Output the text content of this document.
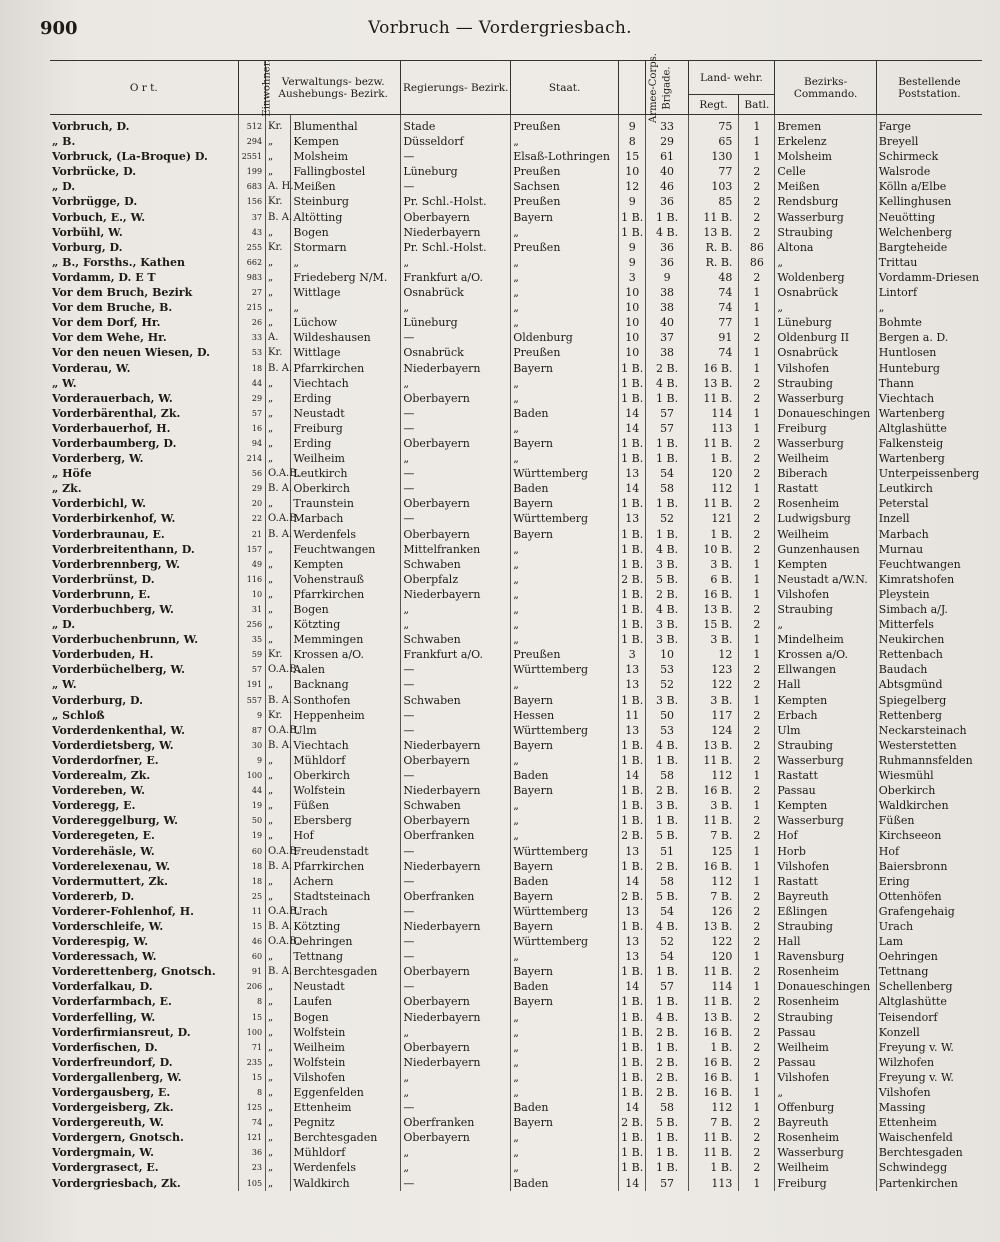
900	Vorbruch — Vordergriesbach.
O r t.	Einwohner.	Verwaltungs- bezw. Aushebungs- Bezirk.		Regierungs- Bezirk.	Staat.	Armee-Corps.	Brigade.	Land- wehr.		Bezirks- Commando.	Bestellende Poststation.
								Regt.	Batl.		
Vorbruch, D.	512	Kr.	Blumenthal	Stade	Preußen	9	33	75	1	Bremen	Farge
„ B.	294	„	Kempen	Düsseldorf	„	8	29	65	1	Erkelenz	Breyell
Vorbruck, (La-Broque) D.	2551	„	Molsheim	—	Elsaß-Lothringen	15	61	130	1	Molsheim	Schirmeck
Vorbrücke, D.	199	„	Fallingbostel	Lüneburg	Preußen	10	40	77	2	Celle	Walsrode
„ D.	683	A. H.	Meißen	—	Sachsen	12	46	103	2	Meißen	Kölln a/Elbe
Vorbrügge, D.	156	Kr.	Steinburg	Pr. Schl.-Holst.	Preußen	9	36	85	2	Rendsburg	Kellinghusen
Vorbuch, E., W.	37	B. A.	Altötting	Oberbayern	Bayern	1 B.	1 B.	11 B.	2	Wasserburg	Neuötting
Vorbühl, W.	43	„	Bogen	Niederbayern	„	1 B.	4 B.	13 B.	2	Straubing	Welchenberg
Vorburg, D.	255	Kr.	Stormarn	Pr. Schl.-Holst.	Preußen	9	36	R. B.	86	Altona	Bargteheide
„ B., Forsths., Kathen	662	„	„	„	„	9	36	R. B.	86	„	Trittau
Vordamm, D. E T	983	„	Friedeberg N/M.	Frankfurt a/O.	„	3	9	48	2	Woldenberg	Vordamm-Driesen
Vor dem Bruch, Bezirk	27	„	Wittlage	Osnabrück	„	10	38	74	1	Osnabrück	Lintorf
Vor dem Bruche, B.	215	„	„	„	„	10	38	74	1	„	„
Vor dem Dorf, Hr.	26	„	Lüchow	Lüneburg	„	10	40	77	1	Lüneburg	Bohmte
Vor dem Wehe, Hr.	33	A.	Wildeshausen	—	Oldenburg	10	37	91	2	Oldenburg II	Bergen a. D.
Vor den neuen Wiesen, D.	53	Kr.	Wittlage	Osnabrück	Preußen	10	38	74	1	Osnabrück	Huntlosen
Vorderau, W.	18	B. A.	Pfarrkirchen	Niederbayern	Bayern	1 B.	2 B.	16 B.	1	Vilshofen	Hunteburg
„ W.	44	„	Viechtach	„	„	1 B.	4 B.	13 B.	2	Straubing	Thann
Vorderauerbach, W.	29	„	Erding	Oberbayern	„	1 B.	1 B.	11 B.	2	Wasserburg	Viechtach
Vorderbärenthal, Zk.	57	„	Neustadt	—	Baden	14	57	114	1	Donaueschingen	Wartenberg
Vorderbauerhof, H.	16	„	Freiburg	—	„	14	57	113	1	Freiburg	Altglashütte
Vorderbaumberg, D.	94	„	Erding	Oberbayern	Bayern	1 B.	1 B.	11 B.	2	Wasserburg	Falkensteig
Vorderberg, W.	214	„	Weilheim	„	„	1 B.	1 B.	1 B.	2	Weilheim	Wartenberg
„ Höfe	56	O.A.B.	Leutkirch	—	Württemberg	13	54	120	2	Biberach	Unterpeissenberg
„ Zk.	29	B. A.	Oberkirch	—	Baden	14	58	112	1	Rastatt	Leutkirch
Vorderbichl, W.	20	„	Traunstein	Oberbayern	Bayern	1 B.	1 B.	11 B.	2	Rosenheim	Peterstal
Vorderbirkenhof, W.	22	O.A.B.	Marbach	—	Württemberg	13	52	121	2	Ludwigsburg	Inzell
Vorderbraunau, E.	21	B. A.	Werdenfels	Oberbayern	Bayern	1 B.	1 B.	1 B.	2	Weilheim	Marbach
Vorderbreitenthann, D.	157	„	Feuchtwangen	Mittelfranken	„	1 B.	4 B.	10 B.	2	Gunzenhausen	Murnau
Vorderbrennberg, W.	49	„	Kempten	Schwaben	„	1 B.	3 B.	3 B.	1	Kempten	Feuchtwangen
Vorderbrünst, D.	116	„	Vohenstrauß	Oberpfalz	„	2 B.	5 B.	6 B.	1	Neustadt a/W.N.	Kimratshofen
Vorderbrunn, E.	10	„	Pfarrkirchen	Niederbayern	„	1 B.	2 B.	16 B.	1	Vilshofen	Pleystein
Vorderbuchberg, W.	31	„	Bogen	„	„	1 B.	4 B.	13 B.	2	Straubing	Simbach a/J.
„ D.	256	„	Kötzting	„	„	1 B.	3 B.	15 B.	2	„	Mitterfels
Vorderbuchenbrunn, W.	35	„	Memmingen	Schwaben	„	1 B.	3 B.	3 B.	1	Mindelheim	Neukirchen
Vorderbuden, H.	59	Kr.	Krossen a/O.	Frankfurt a/O.	Preußen	3	10	12	1	Krossen a/O.	Rettenbach
Vorderbüchelberg, W.	57	O.A.B.	Aalen	—	Württemberg	13	53	123	2	Ellwangen	Baudach
„ W.	191	„	Backnang	—	„	13	52	122	2	Hall	Abtsgmünd
Vorderburg, D.	557	B. A.	Sonthofen	Schwaben	Bayern	1 B.	3 B.	3 B.	1	Kempten	Spiegelberg
„ Schloß	9	Kr.	Heppenheim	—	Hessen	11	50	117	2	Erbach	Rettenberg
Vorderdenkenthal, W.	87	O.A.B.	Ulm	—	Württemberg	13	53	124	2	Ulm	Neckarsteinach
Vorderdietsberg, W.	30	B. A.	Viechtach	Niederbayern	Bayern	1 B.	4 B.	13 B.	2	Straubing	Westerstetten
Vorderdorfner, E.	9	„	Mühldorf	Oberbayern	„	1 B.	1 B.	11 B.	2	Wasserburg	Ruhmannsfelden
Vorderealm, Zk.	100	„	Oberkirch	—	Baden	14	58	112	1	Rastatt	Wiesmühl
Vordereben, W.	44	„	Wolfstein	Niederbayern	Bayern	1 B.	2 B.	16 B.	2	Passau	Oberkirch
Vorderegg, E.	19	„	Füßen	Schwaben	„	1 B.	3 B.	3 B.	1	Kempten	Waldkirchen
Vordereggelburg, W.	50	„	Ebersberg	Oberbayern	„	1 B.	1 B.	11 B.	2	Wasserburg	Füßen
Vorderegeten, E.	19	„	Hof	Oberfranken	„	2 B.	5 B.	7 B.	2	Hof	Kirchseeon
Vorderehäsle, W.	60	O.A.B.	Freudenstadt	—	Württemberg	13	51	125	1	Horb	Hof
Vorderelexenau, W.	18	B. A.	Pfarrkirchen	Niederbayern	Bayern	1 B.	2 B.	16 B.	1	Vilshofen	Baiersbronn
Vordermuttert, Zk.	18	„	Achern	—	Baden	14	58	112	1	Rastatt	Ering
Vordererb, D.	25	„	Stadtsteinach	Oberfranken	Bayern	2 B.	5 B.	7 B.	2	Bayreuth	Ottenhöfen
Vorderer-Fohlenhof, H.	11	O.A.B.	Urach	—	Württemberg	13	54	126	2	Eßlingen	Grafengehaig
Vorderschleife, W.	15	B. A.	Kötzting	Niederbayern	Bayern	1 B.	4 B.	13 B.	2	Straubing	Urach
Vorderespig, W.	46	O.A.B.	Oehringen	—	Württemberg	13	52	122	2	Hall	Lam
Vorderessach, W.	60	„	Tettnang	—	„	13	54	120	1	Ravensburg	Oehringen
Vorderettenberg, Gnotsch.	91	B. A.	Berchtesgaden	Oberbayern	Bayern	1 B.	1 B.	11 B.	2	Rosenheim	Tettnang
Vorderfalkau, D.	206	„	Neustadt	—	Baden	14	57	114	1	Donaueschingen	Schellenberg
Vorderfarmbach, E.	8	„	Laufen	Oberbayern	Bayern	1 B.	1 B.	11 B.	2	Rosenheim	Altglashütte
Vorderfelling, W.	15	„	Bogen	Niederbayern	„	1 B.	4 B.	13 B.	2	Straubing	Teisendorf
Vorderfirmiansreut, D.	100	„	Wolfstein	„	„	1 B.	2 B.	16 B.	2	Passau	Konzell
Vorderfischen, D.	71	„	Weilheim	Oberbayern	„	1 B.	1 B.	1 B.	2	Weilheim	Freyung v. W.
Vorderfreundorf, D.	235	„	Wolfstein	Niederbayern	„	1 B.	2 B.	16 B.	2	Passau	Wilzhofen
Vordergallenberg, W.	15	„	Vilshofen	„	„	1 B.	2 B.	16 B.	1	Vilshofen	Freyung v. W.
Vordergausberg, E.	8	„	Eggenfelden	„	„	1 B.	2 B.	16 B.	1	„	Vilshofen
Vordergeisberg, Zk.	125	„	Ettenheim	—	Baden	14	58	112	1	Offenburg	Massing
Vordergereuth, W.	74	„	Pegnitz	Oberfranken	Bayern	2 B.	5 B.	7 B.	2	Bayreuth	Ettenheim
Vordergern, Gnotsch.	121	„	Berchtesgaden	Oberbayern	„	1 B.	1 B.	11 B.	2	Rosenheim	Waischenfeld
Vordergmain, W.	36	„	Mühldorf	„	„	1 B.	1 B.	11 B.	2	Wasserburg	Berchtesgaden
Vordergrasect, E.	23	„	Werdenfels	„	„	1 B.	1 B.	1 B.	2	Weilheim	Schwindegg
Vordergriesbach, Zk.	105	„	Waldkirch	—	Baden	14	57	113	1	Freiburg	Partenkirchen
